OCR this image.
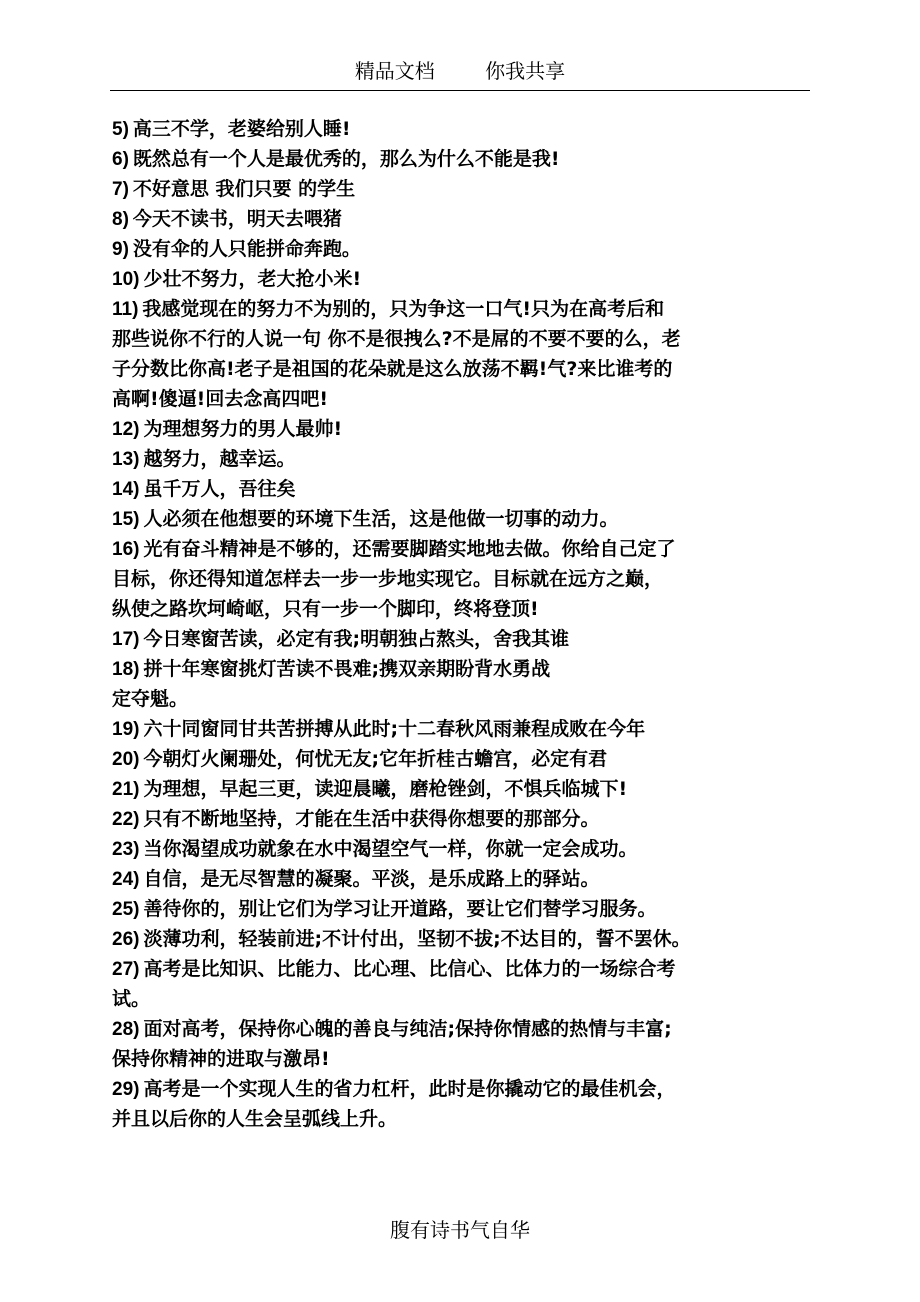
精品文档	你我共享
5) 高三不学，老婆给别人睡!
6) 既然总有一个人是最优秀的，那么为什么不能是我!
7) 不好意思 我们只要 的学生
8) 今天不读书，明天去喂猪
9) 没有伞的人只能拼命奔跑。
10) 少壮不努力，老大抢小米!
11) 我感觉现在的努力不为别的，只为争这一口气!只为在高考后和
那些说你不行的人说一句 你不是很拽么?不是屌的不要不要的么，老
子分数比你高!老子是祖国的花朵就是这么放荡不羁!气?来比谁考的
高啊!傻逼!回去念高四吧!
12) 为理想努力的男人最帅!
13) 越努力，越幸运。
14) 虽千万人，吾往矣
15) 人必须在他想要的环境下生活，这是他做一切事的动力。
16) 光有奋斗精神是不够的，还需要脚踏实地地去做。你给自己定了
目标，你还得知道怎样去一步一步地实现它。目标就在远方之巅，
纵使之路坎坷崎岖，只有一步一个脚印，终将登顶!
17) 今日寒窗苦读，必定有我;明朝独占熬头，舍我其谁
18) 拼十年寒窗挑灯苦读不畏难;携双亲期盼背水勇战
定夺魁。
19) 六十同窗同甘共苦拼搏从此时;十二春秋风雨兼程成败在今年
20) 今朝灯火阑珊处，何忧无友;它年折桂古蟾宫，必定有君
21) 为理想，早起三更，读迎晨曦，磨枪锉剑，不惧兵临城下!
22) 只有不断地坚持，才能在生活中获得你想要的那部分。
23) 当你渴望成功就象在水中渴望空气一样，你就一定会成功。
24) 自信，是无尽智慧的凝聚。平淡，是乐成路上的驿站。
25) 善待你的，别让它们为学习让开道路，要让它们替学习服务。
26) 淡薄功利，轻装前进;不计付出，坚韧不拔;不达目的，誓不罢休。
27) 高考是比知识、比能力、比心理、比信心、比体力的一场综合考
试。
28) 面对高考，保持你心魄的善良与纯洁;保持你情感的热情与丰富;
保持你精神的进取与激昂!
29) 高考是一个实现人生的省力杠杆，此时是你撬动它的最佳机会，
并且以后你的人生会呈弧线上升。
腹有诗书气自华
